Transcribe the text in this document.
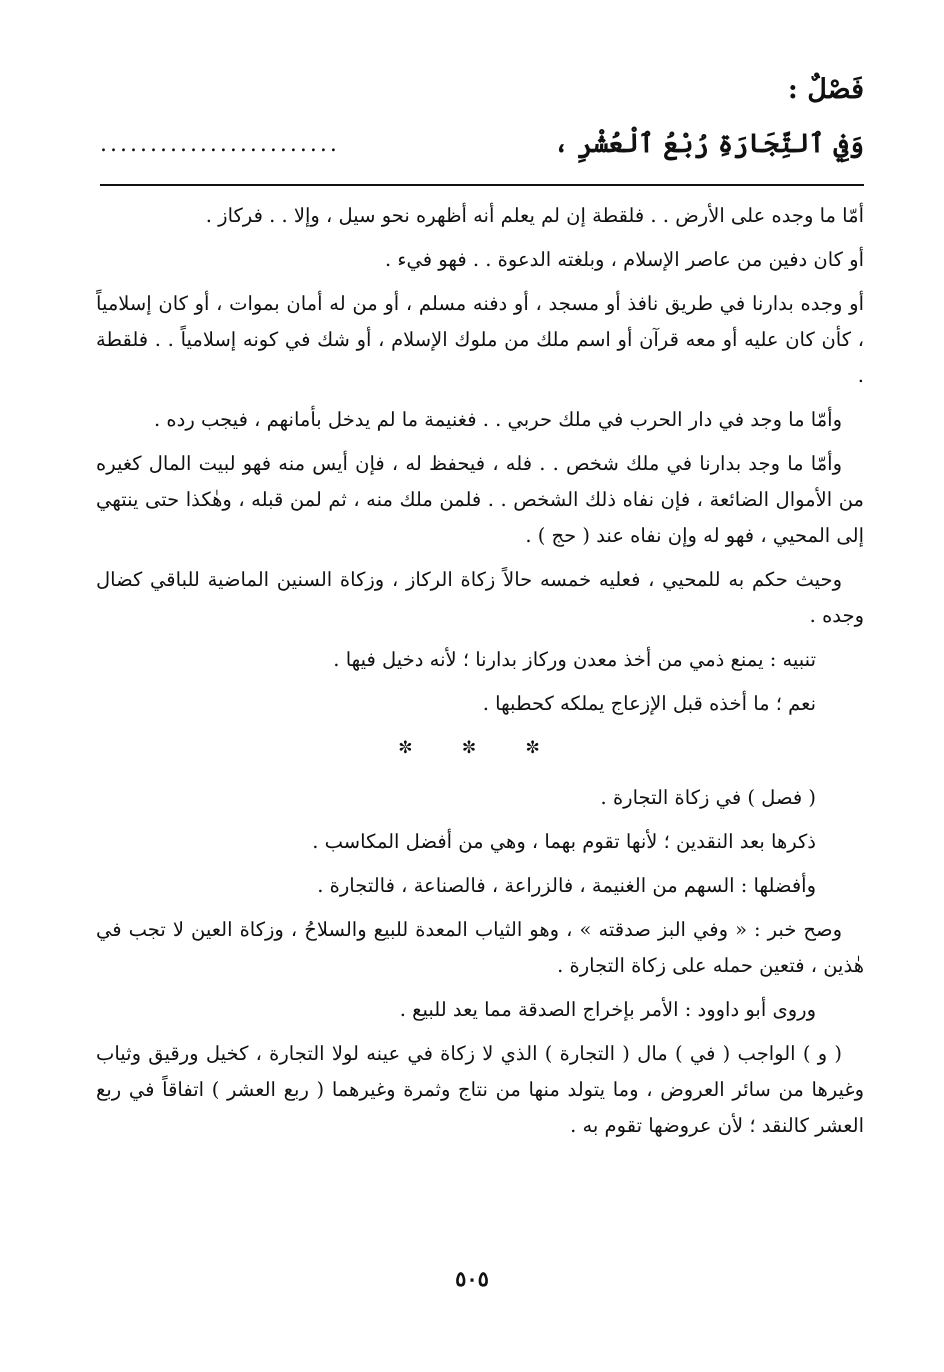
فَصْلٌ :
وَفِي ٱلتِّجَارَةِ رُبْعُ ٱلْعُشْرِ ،
........................

أمّا ما وجده على الأرض . . فلقطة إن لم يعلم أنه أظهره نحو سيل ، وإلا . . فركاز .

أو كان دفين من عاصر الإسلام ، وبلغته الدعوة . . فهو فيء .

أو وجده بدارنا في طريق نافذ أو مسجد ، أو دفنه مسلم ، أو من له أمان بموات ، أو كان إسلامياً ، كأن كان عليه أو معه قرآن أو اسم ملك من ملوك الإسلام ، أو شك في كونه إسلامياً . . فلقطة .

وأمّا ما وجد في دار الحرب في ملك حربي . . فغنيمة ما لم يدخل بأمانهم ، فيجب رده .

وأمّا ما وجد بدارنا في ملك شخص . . فله ، فيحفظ له ، فإن أيس منه فهو لبيت المال كغيره من الأموال الضائعة ، فإن نفاه ذلك الشخص . . فلمن ملك منه ، ثم لمن قبله ، وهٰكذا حتى ينتهي إلى المحيي ، فهو له وإن نفاه عند ( حج ) .

وحيث حكم به للمحيي ، فعليه خمسه حالاً زكاة الركاز ، وزكاة السنين الماضية للباقي كضال وجده .

تنبيه : يمنع ذمي من أخذ معدن وركاز بدارنا ؛ لأنه دخيل فيها .

نعم ؛ ما أخذه قبل الإزعاج يملكه كحطبها .

✼ ✼ ✼

( فصل ) في زكاة التجارة .

ذكرها بعد النقدين ؛ لأنها تقوم بهما ، وهي من أفضل المكاسب .

وأفضلها : السهم من الغنيمة ، فالزراعة ، فالصناعة ، فالتجارة .

وصح خبر : « وفي البز صدقته » ، وهو الثياب المعدة للبيع والسلاحُ ، وزكاة العين لا تجب في هٰذين ، فتعين حمله على زكاة التجارة .

وروى أبو داوود : الأمر بإخراج الصدقة مما يعد للبيع .

( و ) الواجب ( في ) مال ( التجارة ) الذي لا زكاة في عينه لولا التجارة ، كخيل ورقيق وثياب وغيرها من سائر العروض ، وما يتولد منها من نتاج وثمرة وغيرهما ( ربع العشر ) اتفاقاً في ربع العشر كالنقد ؛ لأن عروضها تقوم به .

٥٠٥
